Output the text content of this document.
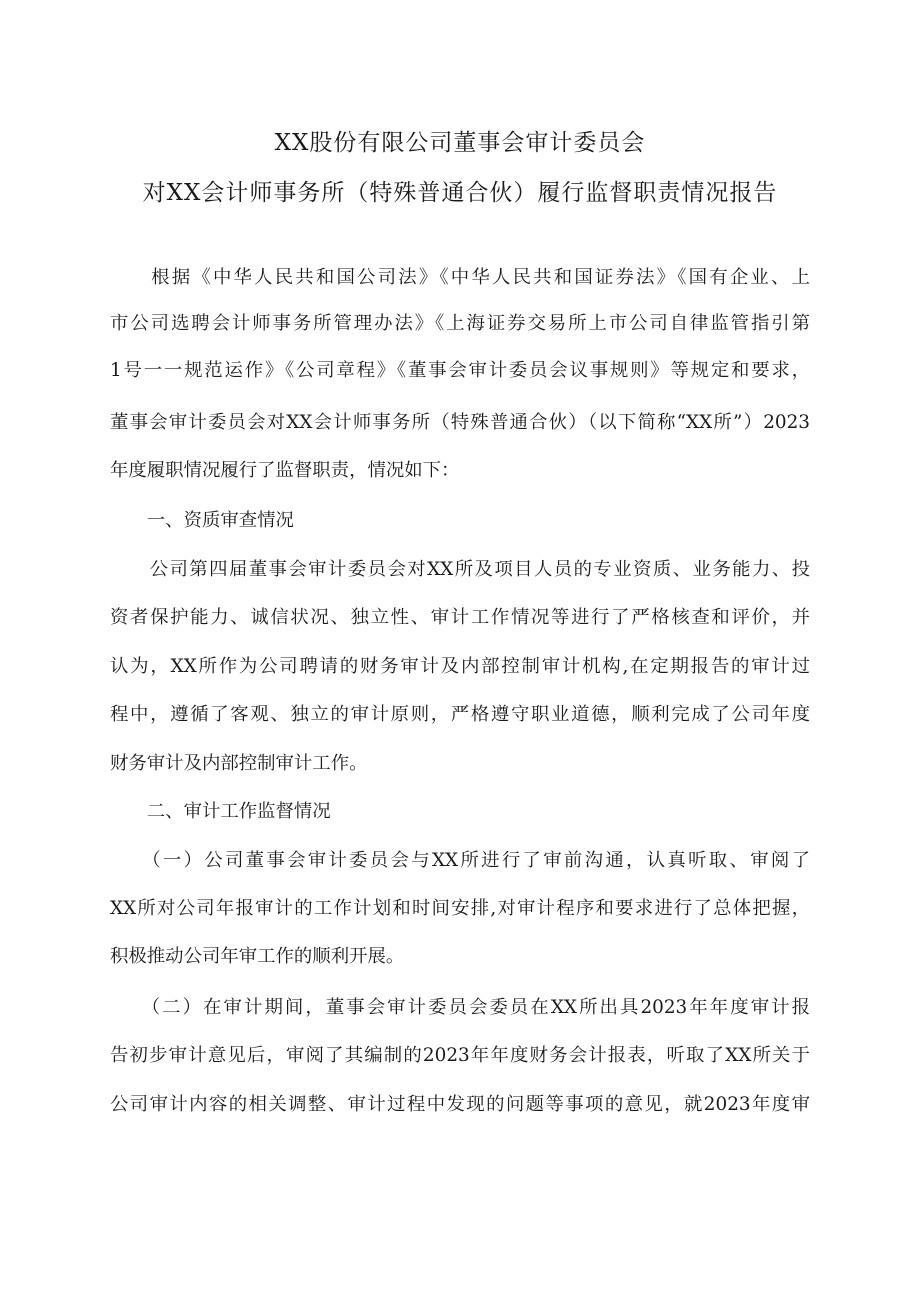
XX股份有限公司董事会审计委员会
对XX会计师事务所（特殊普通合伙）履行监督职责情况报告
　　根据《中华人民共和国公司法》《中华人民共和国证券法》《国有企业、上
市公司选聘会计师事务所管理办法》《上海证券交易所上市公司自律监管指引第
1号一一规范运作》《公司章程》《董事会审计委员会议事规则》等规定和要求，
董事会审计委员会对XX会计师事务所（特殊普通合伙）（以下简称“XX所”）2023
年度履职情况履行了监督职责，情况如下：
　　一、资质审查情况
　　公司第四届董事会审计委员会对XX所及项目人员的专业资质、业务能力、投
资者保护能力、诚信状况、独立性、审计工作情况等进行了严格核查和评价，并
认为，XX所作为公司聘请的财务审计及内部控制审计机构,在定期报告的审计过
程中，遵循了客观、独立的审计原则，严格遵守职业道德，顺利完成了公司年度
财务审计及内部控制审计工作。
　　二、审计工作监督情况
　　（一）公司董事会审计委员会与XX所进行了审前沟通，认真听取、审阅了
XX所对公司年报审计的工作计划和时间安排,对审计程序和要求进行了总体把握，
积极推动公司年审工作的顺利开展。
　　（二）在审计期间，董事会审计委员会委员在XX所出具2023年年度审计报
告初步审计意见后，审阅了其编制的2023年年度财务会计报表，听取了XX所关于
公司审计内容的相关调整、审计过程中发现的问题等事项的意见，就2023年度审
